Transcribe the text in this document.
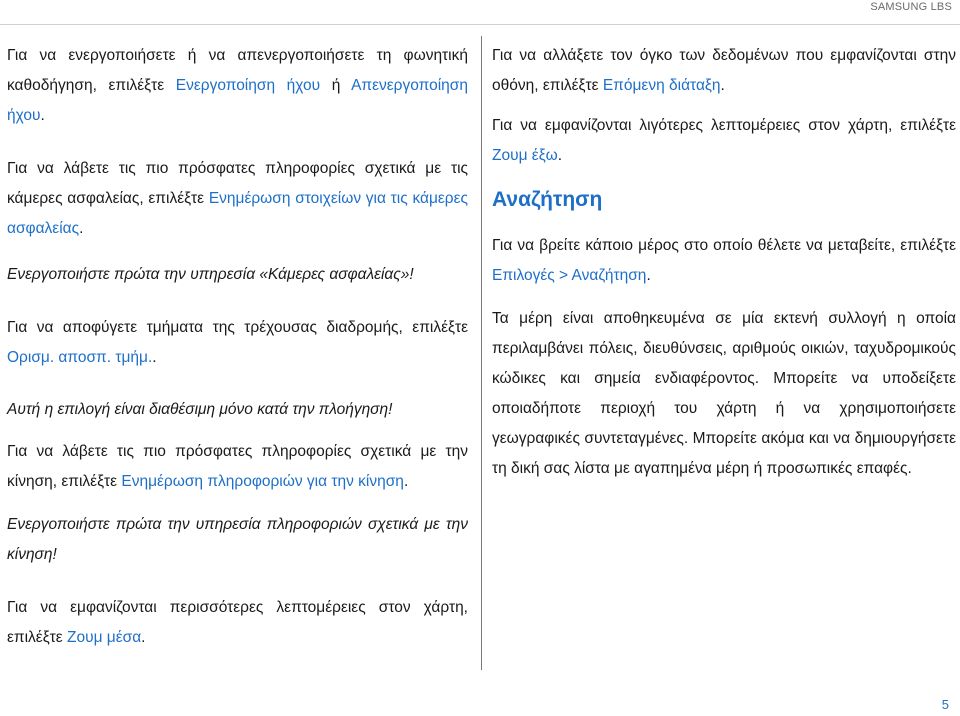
SAMSUNG LBS

Για να ενεργοποιήσετε ή να απενεργοποιήσετε τη φωνητική καθοδήγηση, επιλέξτε Ενεργοποίηση ήχου ή Απενεργοποίηση ήχου.

Για να λάβετε τις πιο πρόσφατες πληροφορίες σχετικά με τις κάμερες ασφαλείας, επιλέξτε Ενημέρωση στοιχείων για τις κάμερες ασφαλείας.

Ενεργοποιήστε πρώτα την υπηρεσία «Κάμερες ασφαλείας»!

Για να αποφύγετε τμήματα της τρέχουσας διαδρομής, επιλέξτε Ορισμ. αποσπ. τμήμ..

Αυτή η επιλογή είναι διαθέσιμη μόνο κατά την πλοήγηση!

Για να λάβετε τις πιο πρόσφατες πληροφορίες σχετικά με την κίνηση, επιλέξτε Ενημέρωση πληροφοριών για την κίνηση.

Ενεργοποιήστε πρώτα την υπηρεσία πληροφοριών σχετικά με την κίνηση!

Για να εμφανίζονται περισσότερες λεπτομέρειες στον χάρτη, επιλέξτε Ζουμ μέσα.

Για να αλλάξετε τον όγκο των δεδομένων που εμφανίζονται στην οθόνη, επιλέξτε Επόμενη διάταξη.

Για να εμφανίζονται λιγότερες λεπτομέρειες στον χάρτη, επιλέξτε Ζουμ έξω.

Αναζήτηση

Για να βρείτε κάποιο μέρος στο οποίο θέλετε να μεταβείτε, επιλέξτε Επιλογές > Αναζήτηση.

Τα μέρη είναι αποθηκευμένα σε μία εκτενή συλλογή η οποία περιλαμβάνει πόλεις, διευθύνσεις, αριθμούς οικιών, ταχυδρομικούς κώδικες και σημεία ενδιαφέροντος. Μπορείτε να υποδείξετε οποιαδήποτε περιοχή του χάρτη ή να χρησιμοποιήσετε γεωγραφικές συντεταγμένες. Μπορείτε ακόμα και να δημιουργήσετε τη δική σας λίστα με αγαπημένα μέρη ή προσωπικές επαφές.

5
